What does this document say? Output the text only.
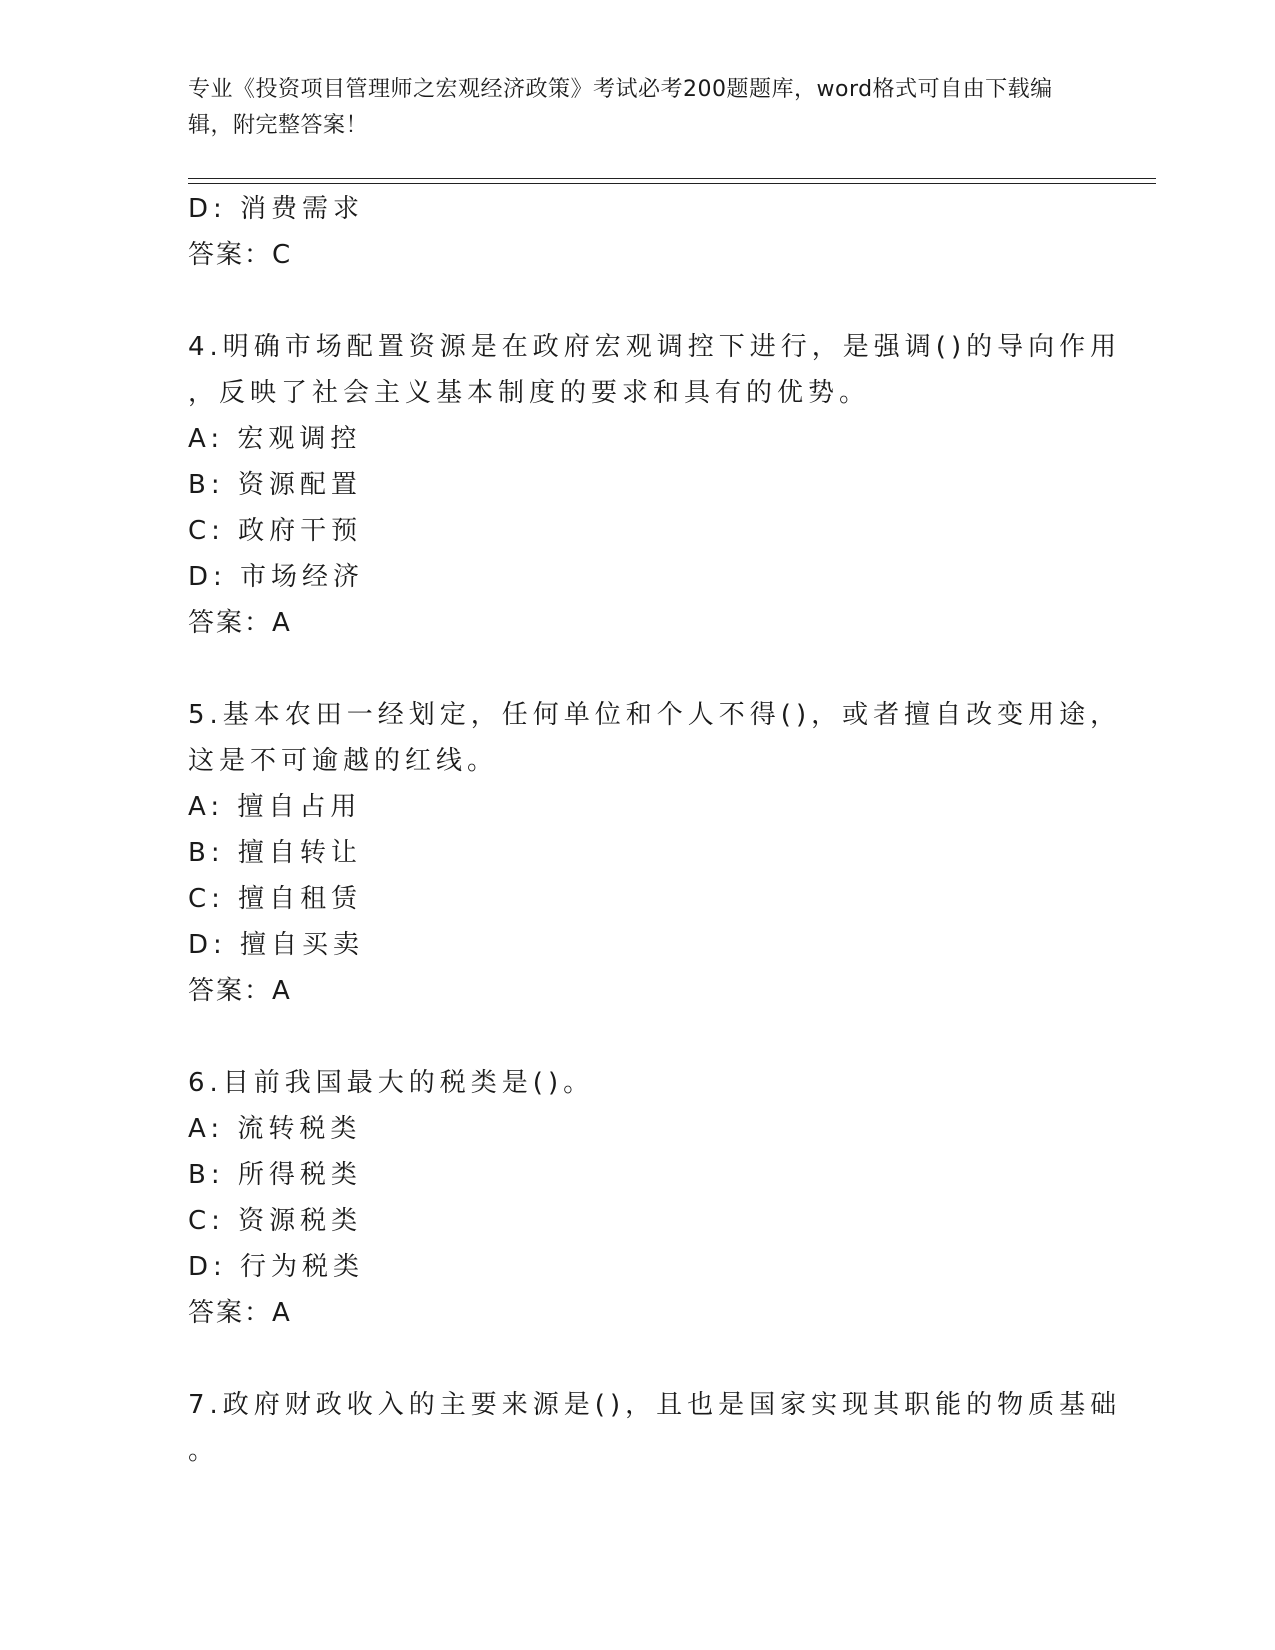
专业《投资项目管理师之宏观经济政策》考试必考200题题库，word格式可自由下载编辑，附完整答案！
D: 消费需求
答案：C
4.明确市场配置资源是在政府宏观调控下进行，是强调()的导向作用
，反映了社会主义基本制度的要求和具有的优势。
A: 宏观调控
B: 资源配置
C: 政府干预
D: 市场经济
答案：A
5.基本农田一经划定，任何单位和个人不得()，或者擅自改变用途，
这是不可逾越的红线。
A: 擅自占用
B: 擅自转让
C: 擅自租赁
D: 擅自买卖
答案：A
6.目前我国最大的税类是()。
A: 流转税类
B: 所得税类
C: 资源税类
D: 行为税类
答案：A
7.政府财政收入的主要来源是()，且也是国家实现其职能的物质基础
。
